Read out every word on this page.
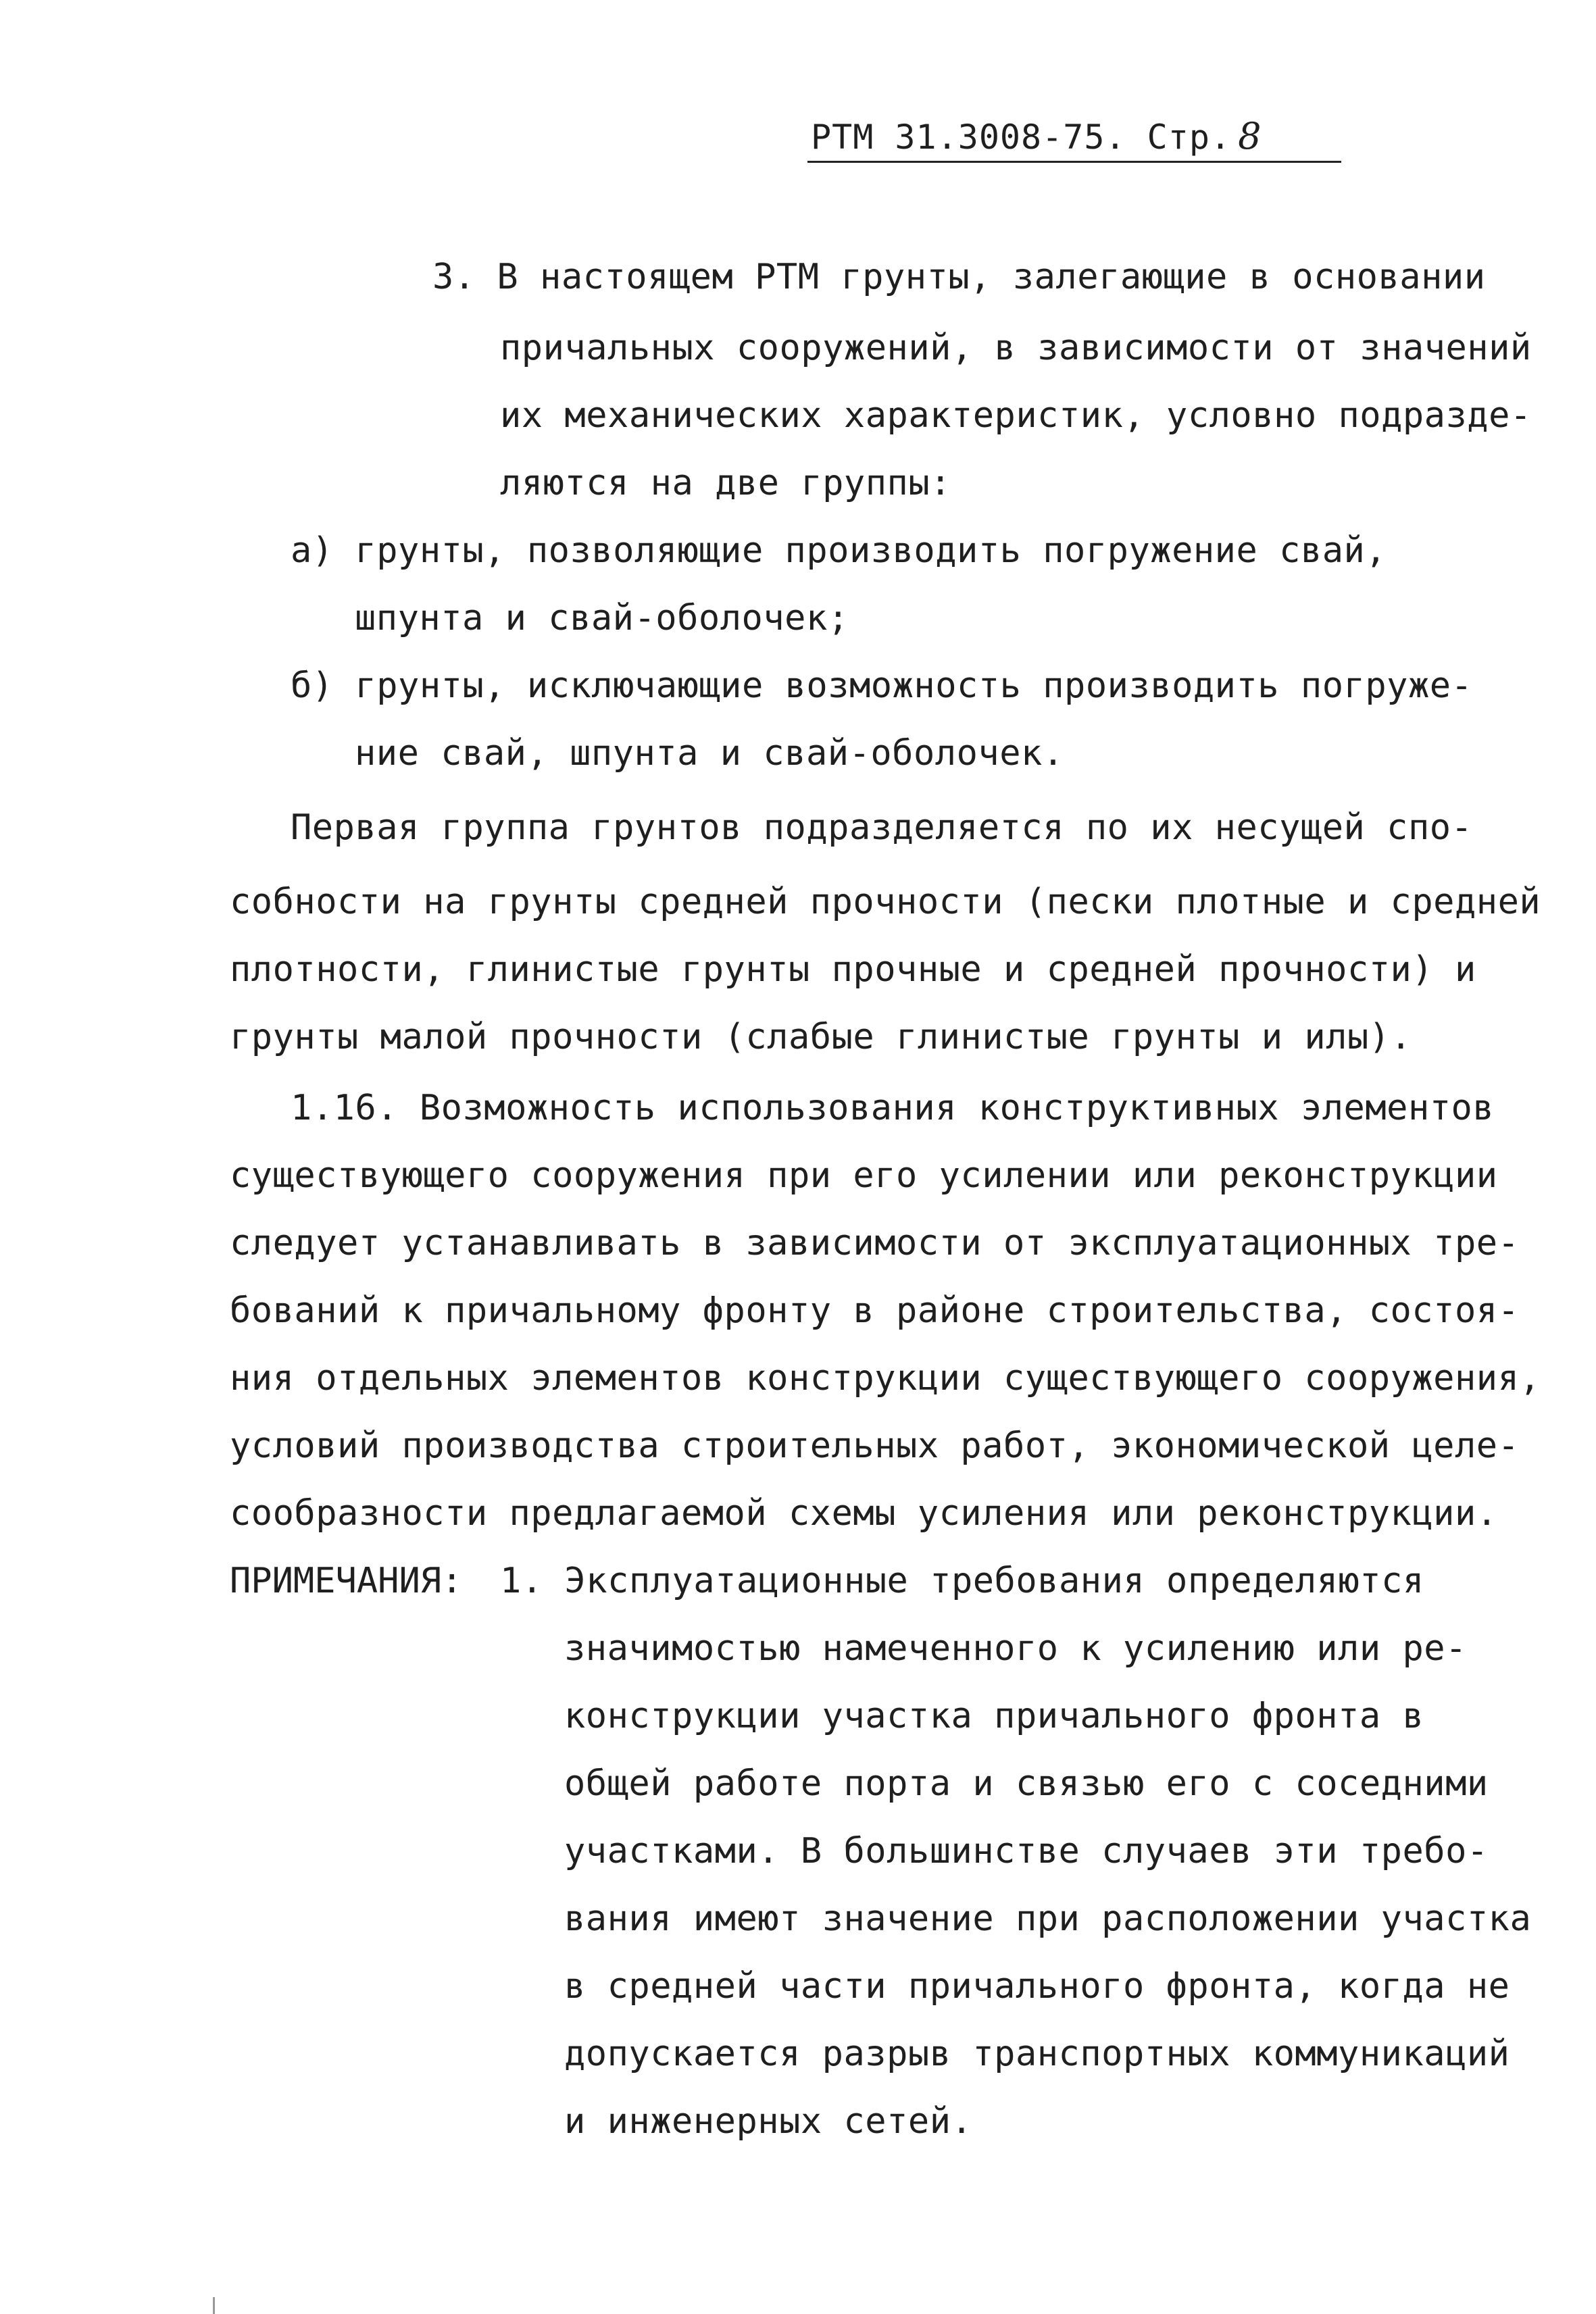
РТМ 31.3008-75. Стр. 8
3. В настоящем РТМ грунты, залегающие в основании
причальных сооружений, в зависимости от значений
их механических характеристик, условно подразде-
ляются на две группы:
а) грунты, позволяющие производить погружение свай,
шпунта и свай-оболочек;
б) грунты, исключающие возможность производить погруже-
ние свай, шпунта и свай-оболочек.
Первая группа грунтов подразделяется по их несущей спо-
собности на грунты средней прочности (пески плотные и средней
плотности, глинистые грунты прочные и средней прочности) и
грунты малой прочности (слабые глинистые грунты и илы).
1.16. Возможность использования конструктивных элементов
существующего сооружения при его усилении или реконструкции
следует устанавливать в зависимости от эксплуатационных тре-
бований к причальному фронту в районе строительства, состоя-
ния отдельных элементов конструкции существующего сооружения,
условий производства строительных работ, экономической целе-
сообразности предлагаемой схемы усиления или реконструкции.
ПРИМЕЧАНИЯ: 1. Эксплуатационные требования определяются
значимостью намеченного к усилению или ре-
конструкции участка причального фронта в
общей работе порта и связью его с соседними
участками. В большинстве случаев эти требо-
вания имеют значение при расположении участка
в средней части причального фронта, когда не
допускается разрыв транспортных коммуникаций
и инженерных сетей.
